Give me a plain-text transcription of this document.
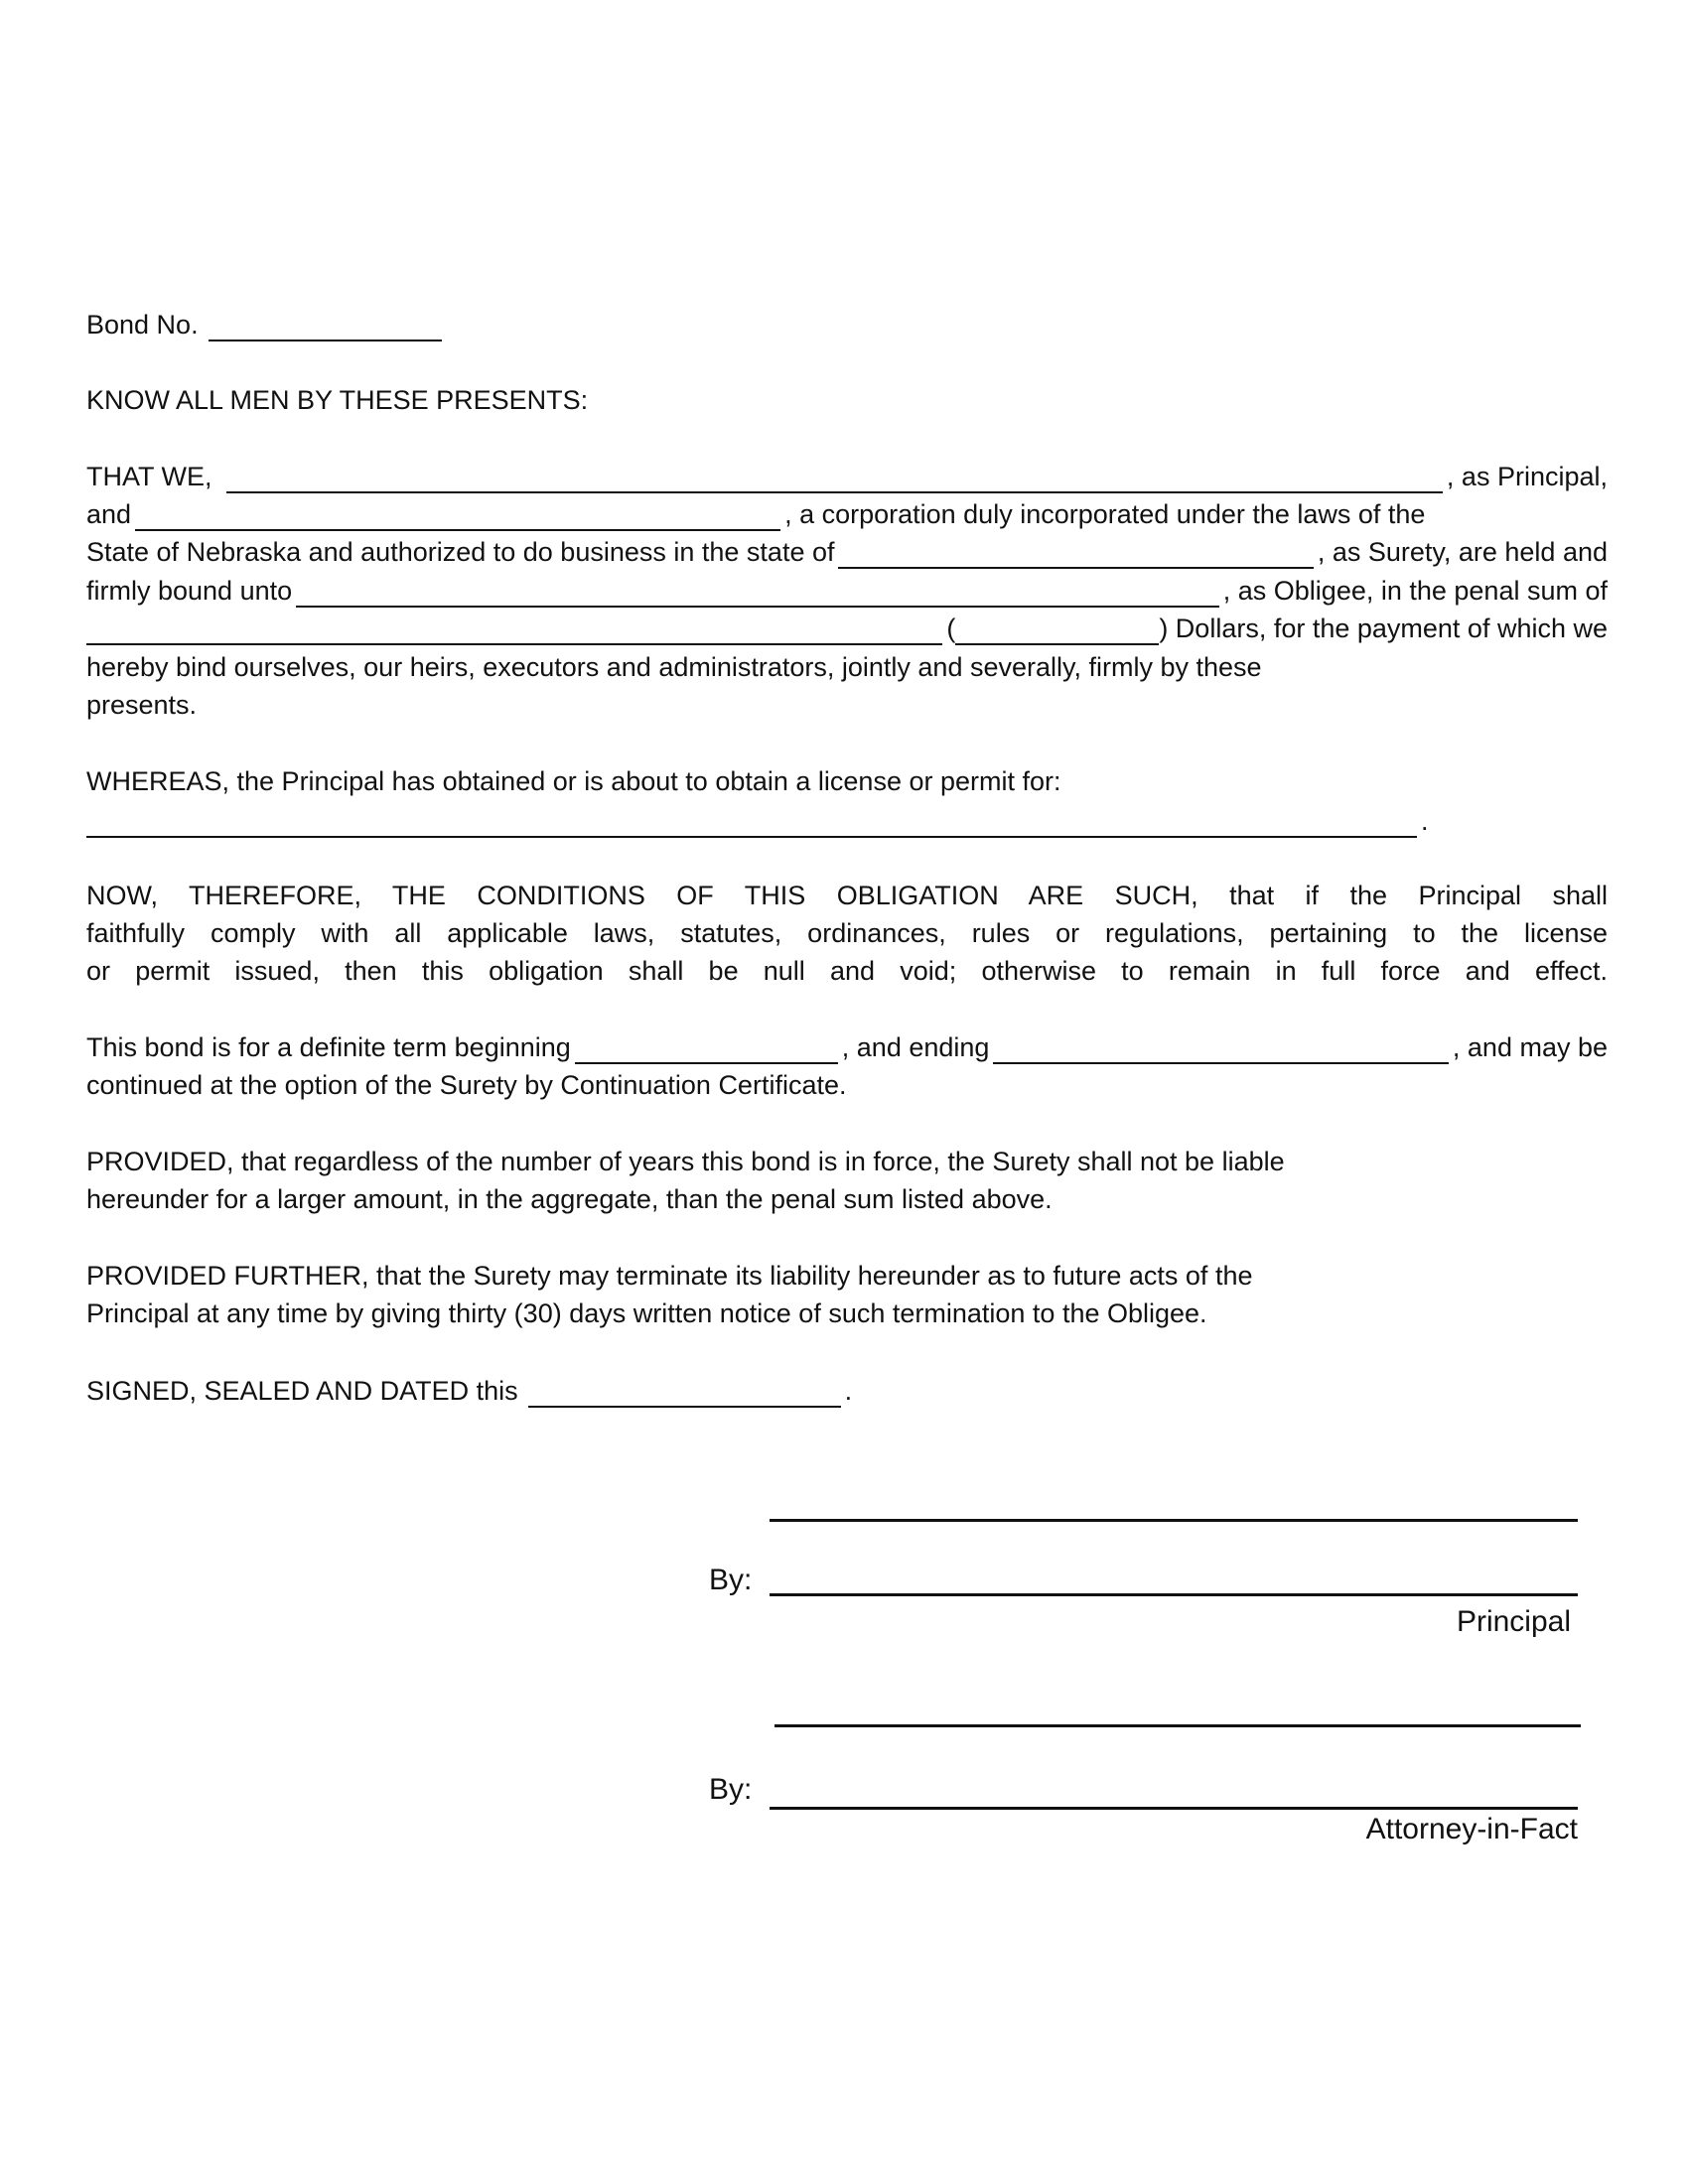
Bond No.
KNOW ALL MEN BY THESE PRESENTS:
THAT WE,	, as Principal,
and	, a corporation duly incorporated under the laws of the
State of Nebraska and authorized to do business in the state of	, as Surety, are held and
firmly bound unto	, as Obligee, in the penal sum of
(	) Dollars, for the payment of which we
hereby bind ourselves, our heirs, executors and administrators, jointly and severally, firmly by these
presents.
WHEREAS, the Principal has obtained or is about to obtain a license or permit for:
.
NOW, THEREFORE, THE CONDITIONS OF THIS OBLIGATION ARE SUCH, that if the Principal shall
faithfully comply with all applicable laws, statutes, ordinances, rules or regulations, pertaining to the license
or permit issued, then this obligation shall be null and void; otherwise to remain in full force and effect.
This bond is for a definite term beginning	, and ending	, and may be
continued at the option of the Surety by Continuation Certificate.
PROVIDED, that regardless of the number of years this bond is in force, the Surety shall not be liable
hereunder for a larger amount, in the aggregate, than the penal sum listed above.
PROVIDED FURTHER, that the Surety may terminate its liability hereunder as to future acts of the
Principal at any time by giving thirty (30) days written notice of such termination to the Obligee.
SIGNED, SEALED AND DATED this	.
By:
Principal
By:
Attorney-in-Fact
